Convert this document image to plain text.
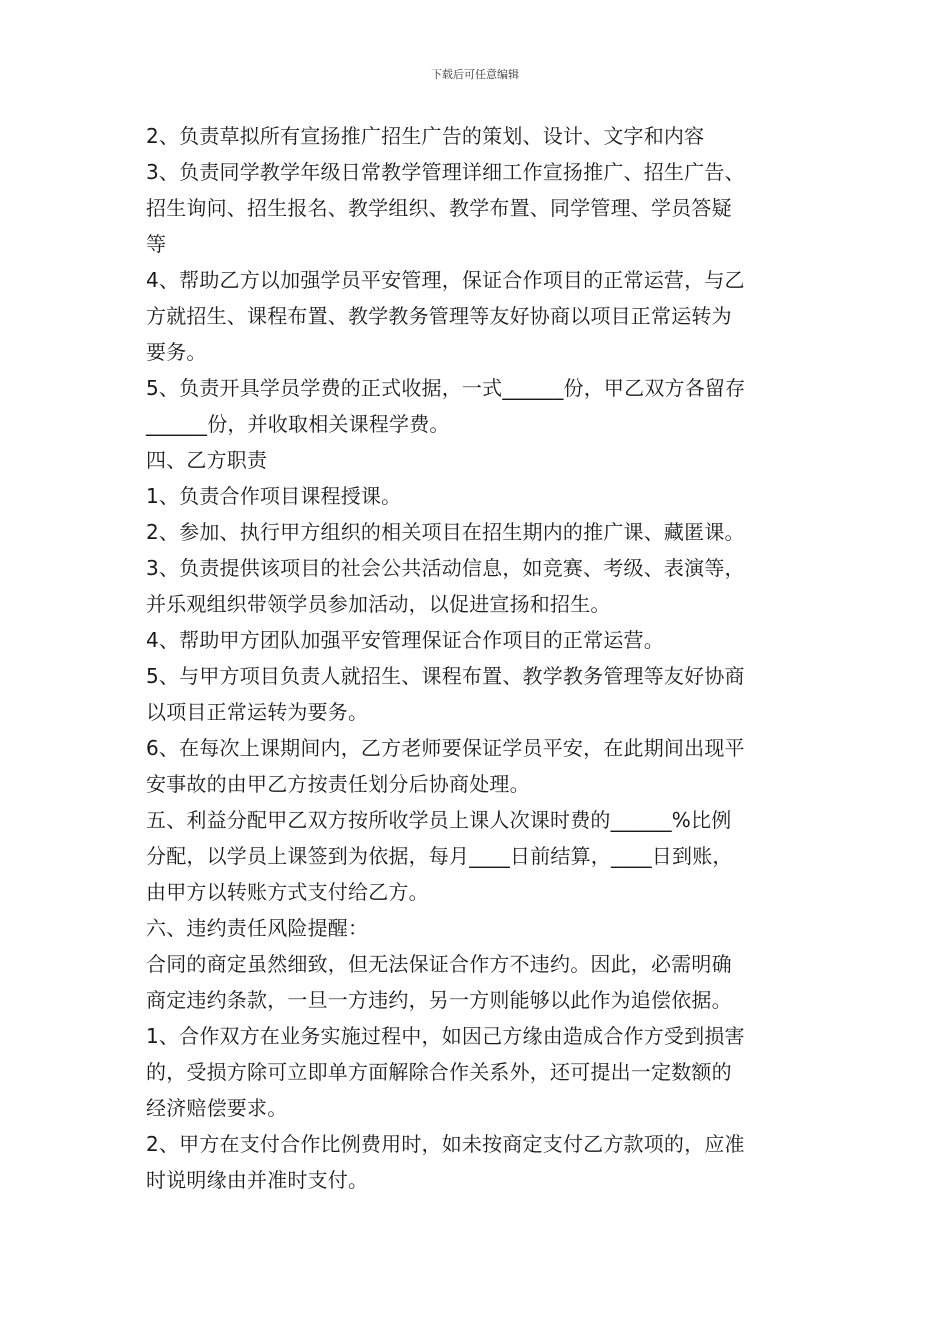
下载后可任意编辑
2、负责草拟所有宣扬推广招生广告的策划、设计、文字和内容
3、负责同学教学年级日常教学管理详细工作宣扬推广、招生广告、
招生询问、招生报名、教学组织、教学布置、同学管理、学员答疑
等
4、帮助乙方以加强学员平安管理，保证合作项目的正常运营，与乙
方就招生、课程布置、教学教务管理等友好协商以项目正常运转为
要务。
5、负责开具学员学费的正式收据，一式______份，甲乙双方各留存
______份，并收取相关课程学费。
四、乙方职责
1、负责合作项目课程授课。
2、参加、执行甲方组织的相关项目在招生期内的推广课、藏匿课。
3、负责提供该项目的社会公共活动信息，如竞赛、考级、表演等，
并乐观组织带领学员参加活动，以促进宣扬和招生。
4、帮助甲方团队加强平安管理保证合作项目的正常运营。
5、与甲方项目负责人就招生、课程布置、教学教务管理等友好协商
以项目正常运转为要务。
6、在每次上课期间内，乙方老师要保证学员平安，在此期间出现平
安事故的由甲乙方按责任划分后协商处理。
五、利益分配甲乙双方按所收学员上课人次课时费的______%比例
分配，以学员上课签到为依据，每月____日前结算，____日到账，
由甲方以转账方式支付给乙方。
六、违约责任风险提醒：
合同的商定虽然细致，但无法保证合作方不违约。因此，必需明确
商定违约条款，一旦一方违约，另一方则能够以此作为追偿依据。
1、合作双方在业务实施过程中，如因己方缘由造成合作方受到损害
的，受损方除可立即单方面解除合作关系外，还可提出一定数额的
经济赔偿要求。
2、甲方在支付合作比例费用时，如未按商定支付乙方款项的，应准
时说明缘由并准时支付。
